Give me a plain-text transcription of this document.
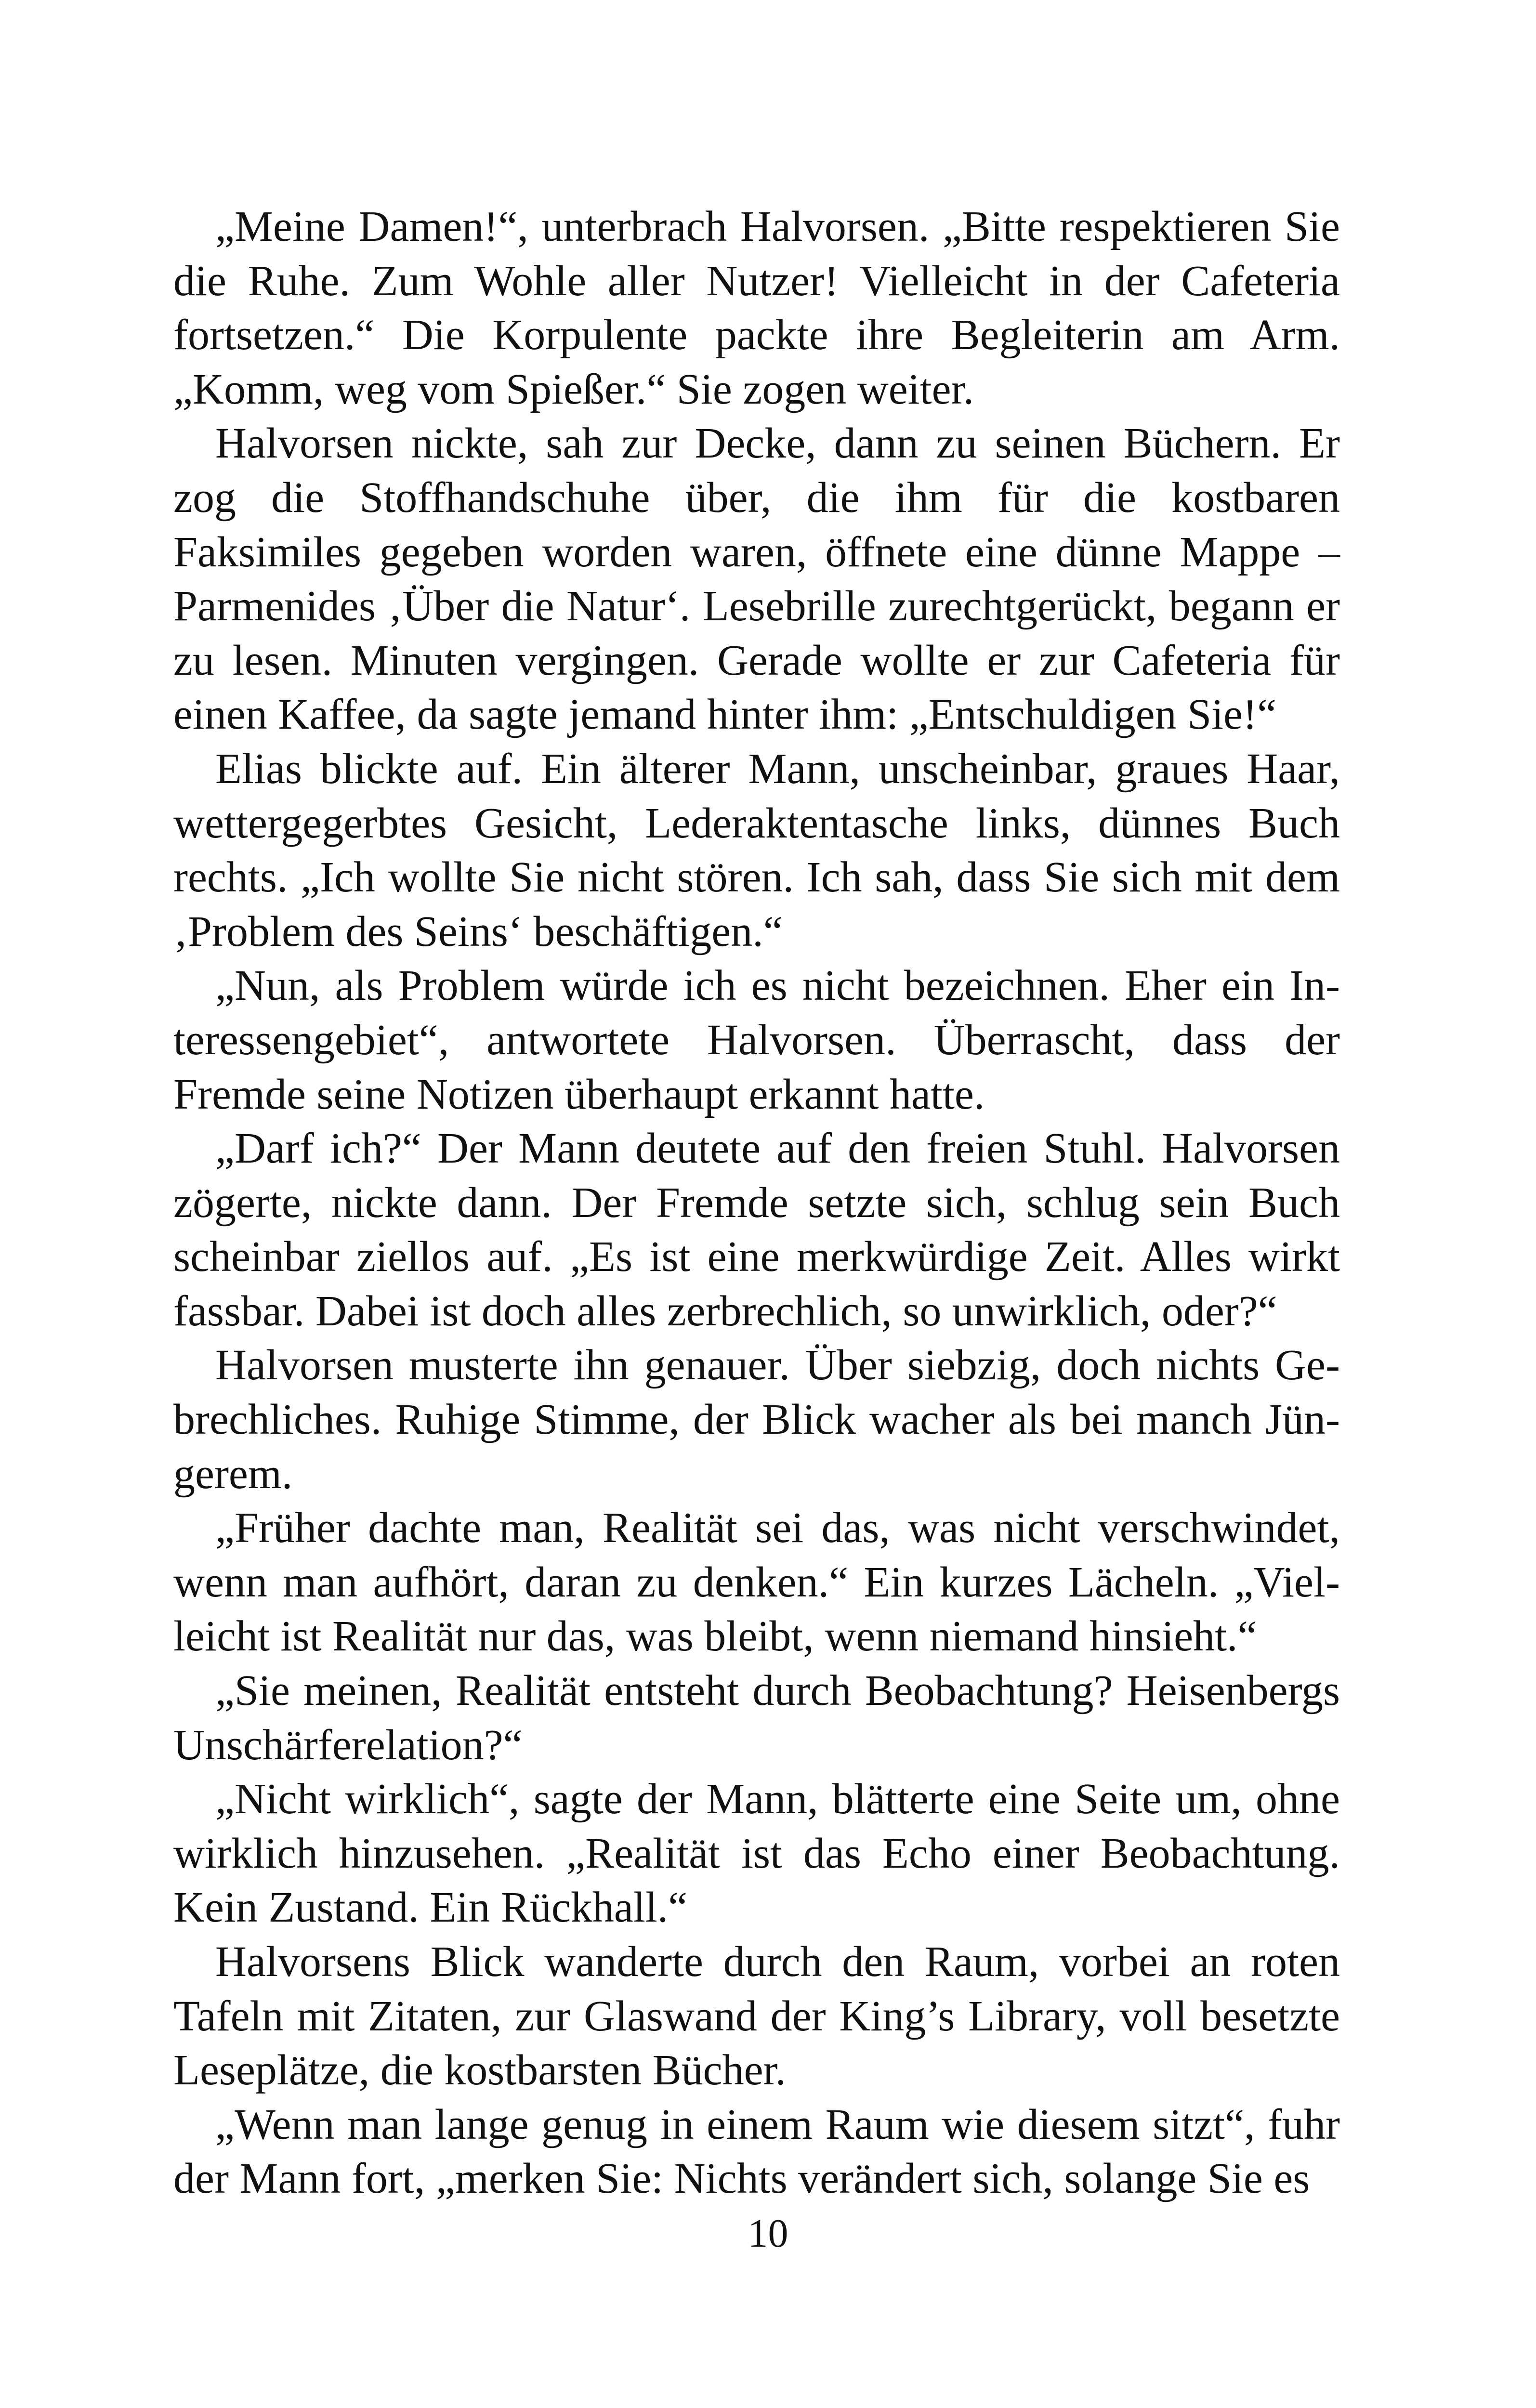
„Meine Damen!“, unterbrach Halvorsen. „Bitte respektieren Sie die Ruhe. Zum Wohle aller Nutzer! Vielleicht in der Cafeteria fortsetzen.“ Die Korpulente packte ihre Begleiterin am Arm. „Komm, weg vom Spießer.“ Sie zogen weiter.

Halvorsen nickte, sah zur Decke, dann zu seinen Büchern. Er zog die Stoffhandschuhe über, die ihm für die kostbaren Faksimiles gegeben worden waren, öffnete eine dünne Mappe – Parmenides ‚Über die Natur‘. Lesebrille zurechtgerückt, begann er zu lesen. Minuten vergingen. Gerade wollte er zur Cafeteria für einen Kaffee, da sagte jemand hinter ihm: „Entschuldigen Sie!“

Elias blickte auf. Ein älterer Mann, unscheinbar, graues Haar, wettergegerbtes Gesicht, Lederaktentasche links, dünnes Buch rechts. „Ich wollte Sie nicht stören. Ich sah, dass Sie sich mit dem ‚Problem des Seins‘ beschäftigen.“

„Nun, als Problem würde ich es nicht bezeichnen. Eher ein Interessengebiet“, antwortete Halvorsen. Überrascht, dass der Fremde seine Notizen überhaupt erkannt hatte.

„Darf ich?“ Der Mann deutete auf den freien Stuhl. Halvorsen zögerte, nickte dann. Der Fremde setzte sich, schlug sein Buch scheinbar ziellos auf. „Es ist eine merkwürdige Zeit. Alles wirkt fassbar. Dabei ist doch alles zerbrechlich, so unwirklich, oder?“

Halvorsen musterte ihn genauer. Über siebzig, doch nichts Gebrechliches. Ruhige Stimme, der Blick wacher als bei manch Jüngerem.

„Früher dachte man, Realität sei das, was nicht verschwindet, wenn man aufhört, daran zu denken.“ Ein kurzes Lächeln. „Vielleicht ist Realität nur das, was bleibt, wenn niemand hinsieht.“

„Sie meinen, Realität entsteht durch Beobachtung? Heisenbergs Unschärferelation?“

„Nicht wirklich“, sagte der Mann, blätterte eine Seite um, ohne wirklich hinzusehen. „Realität ist das Echo einer Beobachtung. Kein Zustand. Ein Rückhall.“

Halvorsens Blick wanderte durch den Raum, vorbei an roten Tafeln mit Zitaten, zur Glaswand der King’s Library, voll besetzte Leseplätze, die kostbarsten Bücher.

„Wenn man lange genug in einem Raum wie diesem sitzt“, fuhr der Mann fort, „merken Sie: Nichts verändert sich, solange Sie es

10
